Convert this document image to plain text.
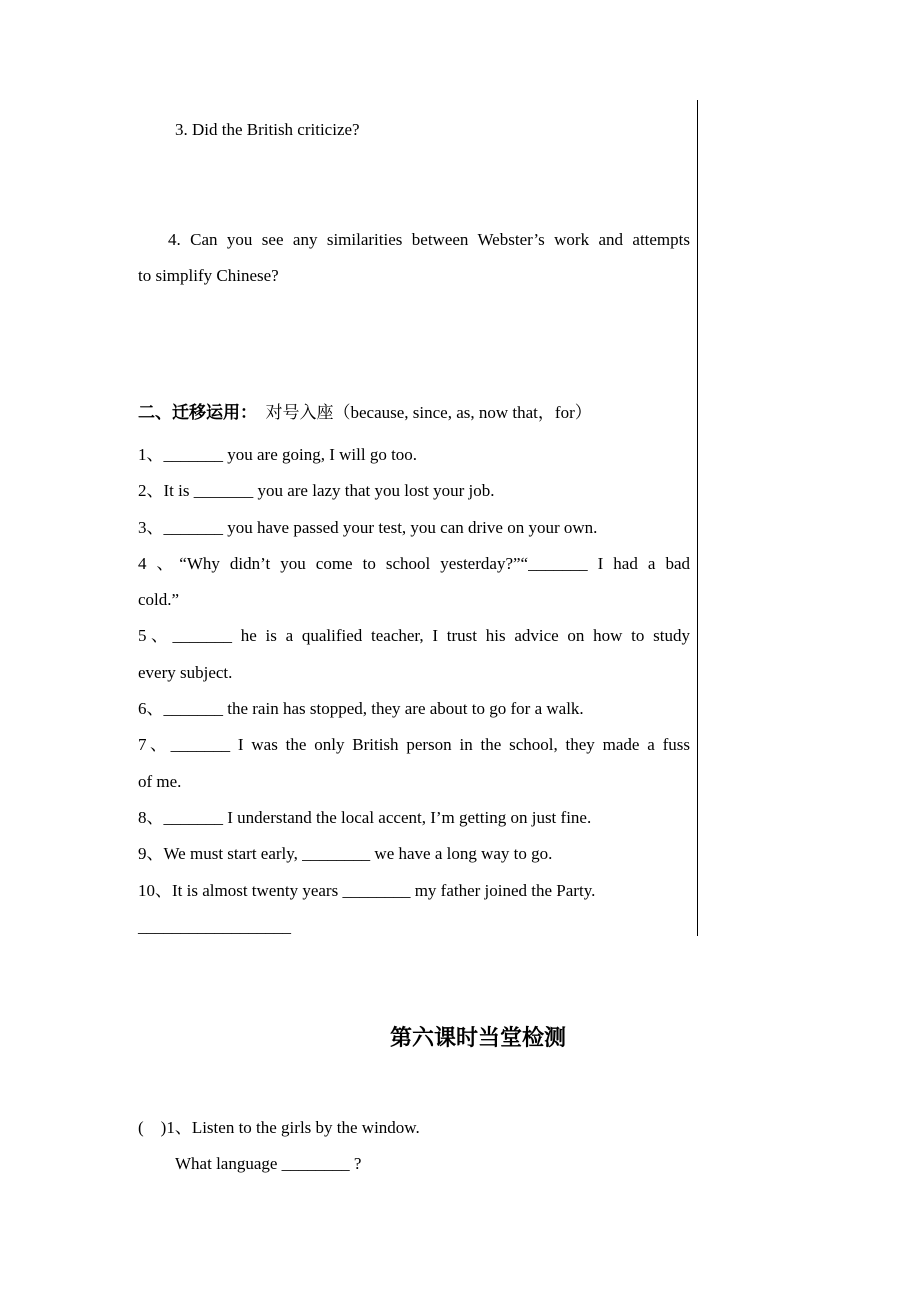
3. Did the British criticize?
4. Can you see any similarities between Webster’s work and attempts
to simplify Chinese?
二、迁移运用：  对号入座（because, since, as, now that，for）
1、_______ you are going, I will go too.
2、It is _______ you are lazy that you lost your job.
3、_______ you have passed your test, you can drive on your own.
4 、“Why didn’t you come to school yesterday?”“_______ I had a bad
cold.”
5、_______ he is a qualified teacher, I trust his advice on how to study
every subject.
6、_______ the rain has stopped, they are about to go for a walk.
7、_______ I was the only British person in the school, they made a fuss
of me.
8、_______ I understand the local accent, I’m getting on just fine.
9、We must start early, ________ we have a long way to go.
10、It is almost twenty years ________ my father joined the Party.
__________________
第六课时当堂检测
(    )1、Listen to the girls by the window.
What language ________ ?
